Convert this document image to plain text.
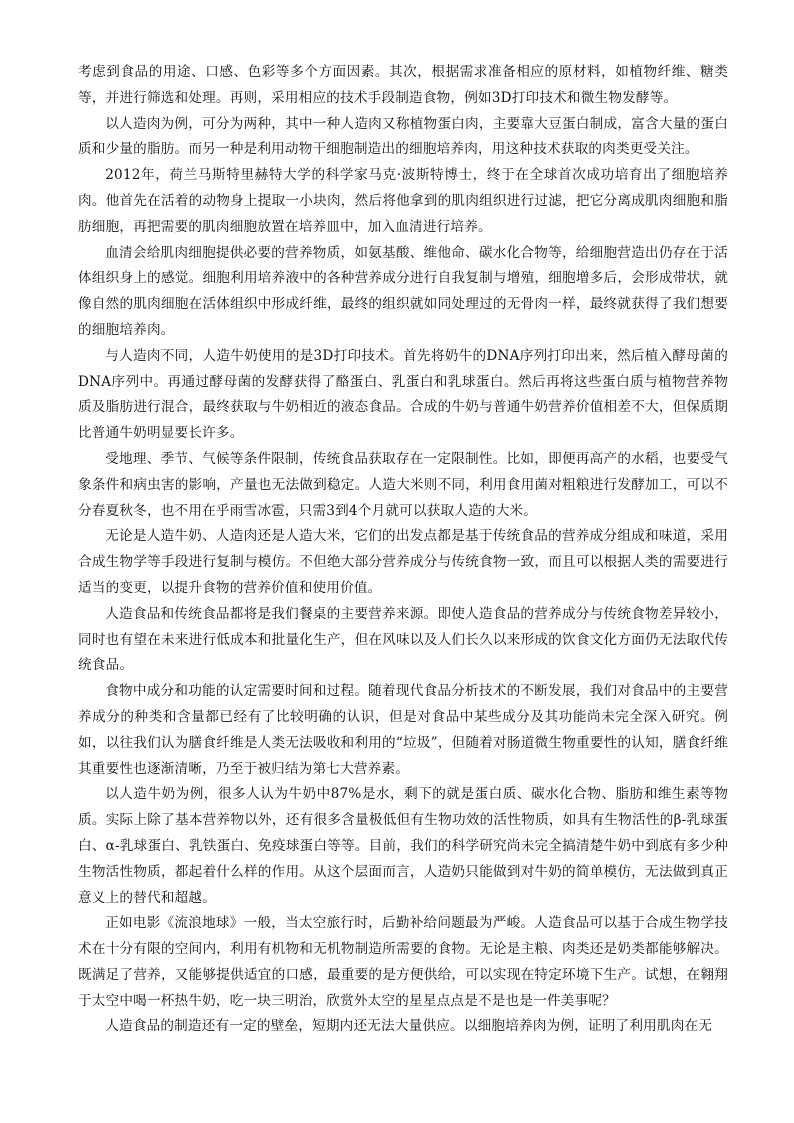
考虑到食品的用途、口感、色彩等多个方面因素。其次，根据需求准备相应的原材料，如植物纤维、糖类等，并进行筛选和处理。再则，采用相应的技术手段制造食物，例如3D打印技术和微生物发酵等。

以人造肉为例，可分为两种，其中一种人造肉又称植物蛋白肉，主要靠大豆蛋白制成，富含大量的蛋白质和少量的脂肪。而另一种是利用动物干细胞制造出的细胞培养肉，用这种技术获取的肉类更受关注。

2012年，荷兰马斯特里赫特大学的科学家马克·波斯特博士，终于在全球首次成功培育出了细胞培养肉。他首先在活着的动物身上提取一小块肉，然后将他拿到的肌肉组织进行过滤，把它分离成肌肉细胞和脂肪细胞，再把需要的肌肉细胞放置在培养皿中，加入血清进行培养。

血清会给肌肉细胞提供必要的营养物质，如氨基酸、维他命、碳水化合物等，给细胞营造出仍存在于活体组织身上的感觉。细胞利用培养液中的各种营养成分进行自我复制与增殖，细胞增多后，会形成带状，就像自然的肌肉细胞在活体组织中形成纤维，最终的组织就如同处理过的无骨肉一样，最终就获得了我们想要的细胞培养肉。

与人造肉不同，人造牛奶使用的是3D打印技术。首先将奶牛的DNA序列打印出来，然后植入酵母菌的DNA序列中。再通过酵母菌的发酵获得了酪蛋白、乳蛋白和乳球蛋白。然后再将这些蛋白质与植物营养物质及脂肪进行混合，最终获取与牛奶相近的液态食品。合成的牛奶与普通牛奶营养价值相差不大，但保质期比普通牛奶明显要长许多。

受地理、季节、气候等条件限制，传统食品获取存在一定限制性。比如，即便再高产的水稻，也要受气象条件和病虫害的影响，产量也无法做到稳定。人造大米则不同，利用食用菌对粗粮进行发酵加工，可以不分春夏秋冬，也不用在乎雨雪冰雹，只需3到4个月就可以获取人造的大米。

无论是人造牛奶、人造肉还是人造大米，它们的出发点都是基于传统食品的营养成分组成和味道，采用合成生物学等手段进行复制与模仿。不但绝大部分营养成分与传统食物一致，而且可以根据人类的需要进行适当的变更，以提升食物的营养价值和使用价值。

人造食品和传统食品都将是我们餐桌的主要营养来源。即使人造食品的营养成分与传统食物差异较小，同时也有望在未来进行低成本和批量化生产，但在风味以及人们长久以来形成的饮食文化方面仍无法取代传统食品。

食物中成分和功能的认定需要时间和过程。随着现代食品分析技术的不断发展，我们对食品中的主要营养成分的种类和含量都已经有了比较明确的认识，但是对食品中某些成分及其功能尚未完全深入研究。例如，以往我们认为膳食纤维是人类无法吸收和利用的“垃圾”，但随着对肠道微生物重要性的认知，膳食纤维其重要性也逐渐清晰，乃至于被归结为第七大营养素。

以人造牛奶为例，很多人认为牛奶中87%是水，剩下的就是蛋白质、碳水化合物、脂肪和维生素等物质。实际上除了基本营养物以外，还有很多含量极低但有生物功效的活性物质，如具有生物活性的β-乳球蛋白、α-乳球蛋白、乳铁蛋白、免疫球蛋白等等。目前，我们的科学研究尚未完全搞清楚牛奶中到底有多少种生物活性物质，都起着什么样的作用。从这个层面而言，人造奶只能做到对牛奶的简单模仿，无法做到真正意义上的替代和超越。

正如电影《流浪地球》一般，当太空旅行时，后勤补给问题最为严峻。人造食品可以基于合成生物学技术在十分有限的空间内，利用有机物和无机物制造所需要的食物。无论是主粮、肉类还是奶类都能够解决。既满足了营养，又能够提供适宜的口感，最重要的是方便供给，可以实现在特定环境下生产。试想，在翱翔于太空中喝一杯热牛奶，吃一块三明治，欣赏外太空的星星点点是不是也是一件美事呢？

人造食品的制造还有一定的壁垒，短期内还无法大量供应。以细胞培养肉为例，证明了利用肌肉在无
